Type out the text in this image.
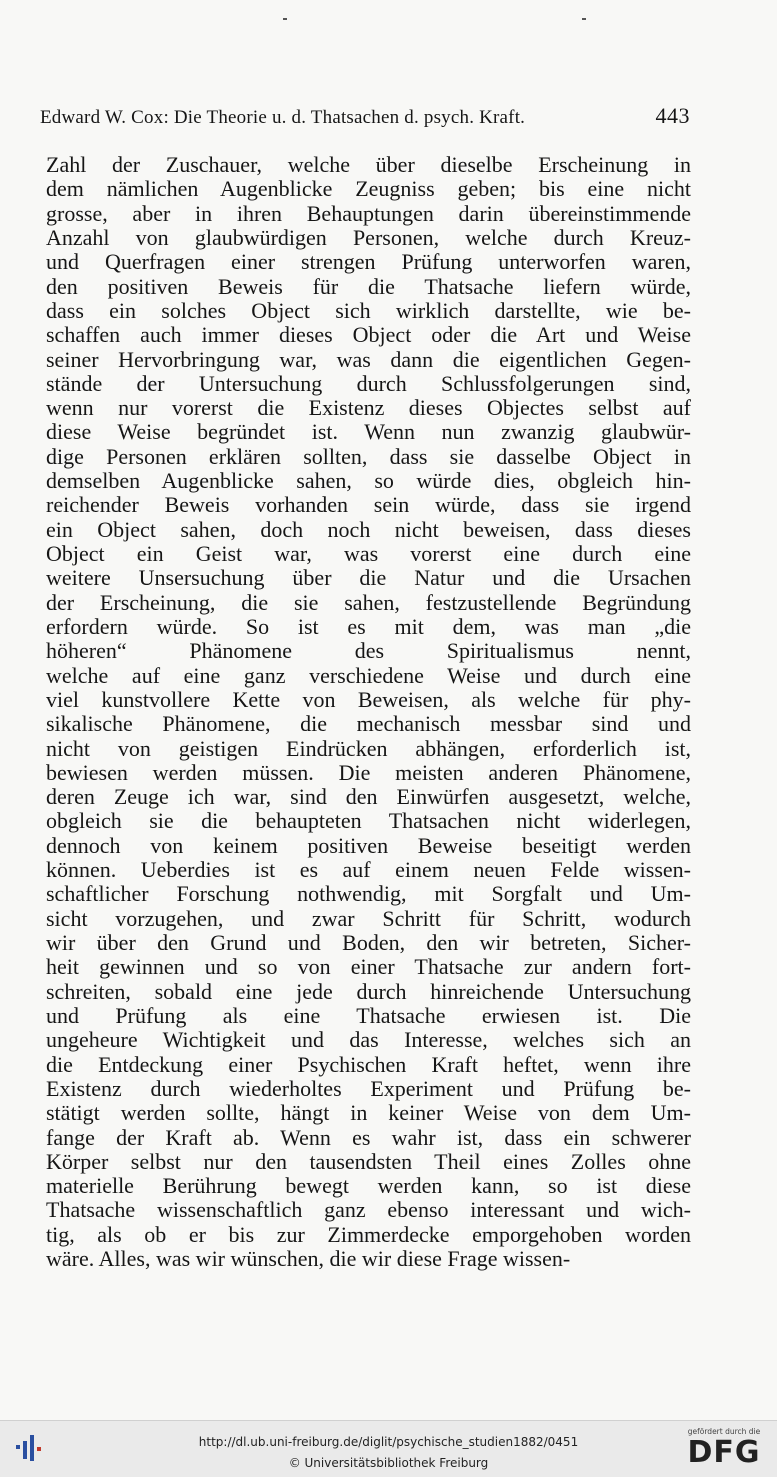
Edward W. Cox: Die Theorie u. d. Thatsachen d. psych. Kraft.	443
Zahl der Zuschauer, welche über dieselbe Erscheinung in
dem nämlichen Augenblicke Zeugniss geben; bis eine nicht
grosse, aber in ihren Behauptungen darin übereinstimmende
Anzahl von glaubwürdigen Personen, welche durch Kreuz-
und Querfragen einer strengen Prüfung unterworfen waren,
den positiven Beweis für die Thatsache liefern würde,
dass ein solches Object sich wirklich darstellte, wie be-
schaffen auch immer dieses Object oder die Art und Weise
seiner Hervorbringung war, was dann die eigentlichen Gegen-
stände der Untersuchung durch Schlussfolgerungen sind,
wenn nur vorerst die Existenz dieses Objectes selbst auf
diese Weise begründet ist. Wenn nun zwanzig glaubwür-
dige Personen erklären sollten, dass sie dasselbe Object in
demselben Augenblicke sahen, so würde dies, obgleich hin-
reichender Beweis vorhanden sein würde, dass sie irgend
ein Object sahen, doch noch nicht beweisen, dass dieses
Object ein Geist war, was vorerst eine durch eine
weitere Unsersuchung über die Natur und die Ursachen
der Erscheinung, die sie sahen, festzustellende Begründung
erfordern würde. So ist es mit dem, was man „die
höheren“ Phänomene des Spiritualismus nennt,
welche auf eine ganz verschiedene Weise und durch eine
viel kunstvollere Kette von Beweisen, als welche für phy-
sikalische Phänomene, die mechanisch messbar sind und
nicht von geistigen Eindrücken abhängen, erforderlich ist,
bewiesen werden müssen. Die meisten anderen Phänomene,
deren Zeuge ich war, sind den Einwürfen ausgesetzt, welche,
obgleich sie die behaupteten Thatsachen nicht widerlegen,
dennoch von keinem positiven Beweise beseitigt werden
können. Ueberdies ist es auf einem neuen Felde wissen-
schaftlicher Forschung nothwendig, mit Sorgfalt und Um-
sicht vorzugehen, und zwar Schritt für Schritt, wodurch
wir über den Grund und Boden, den wir betreten, Sicher-
heit gewinnen und so von einer Thatsache zur andern fort-
schreiten, sobald eine jede durch hinreichende Untersuchung
und Prüfung als eine Thatsache erwiesen ist. Die
ungeheure Wichtigkeit und das Interesse, welches sich an
die Entdeckung einer Psychischen Kraft heftet, wenn ihre
Existenz durch wiederholtes Experiment und Prüfung be-
stätigt werden sollte, hängt in keiner Weise von dem Um-
fange der Kraft ab. Wenn es wahr ist, dass ein schwerer
Körper selbst nur den tausendsten Theil eines Zolles ohne
materielle Berührung bewegt werden kann, so ist diese
Thatsache wissenschaftlich ganz ebenso interessant und wich-
tig, als ob er bis zur Zimmerdecke emporgehoben worden
wäre. Alles, was wir wünschen, die wir diese Frage wissen-
http://dl.ub.uni-freiburg.de/diglit/psychische_studien1882/0451
© Universitätsbibliothek Freiburg
gefördert durch die
DFG
